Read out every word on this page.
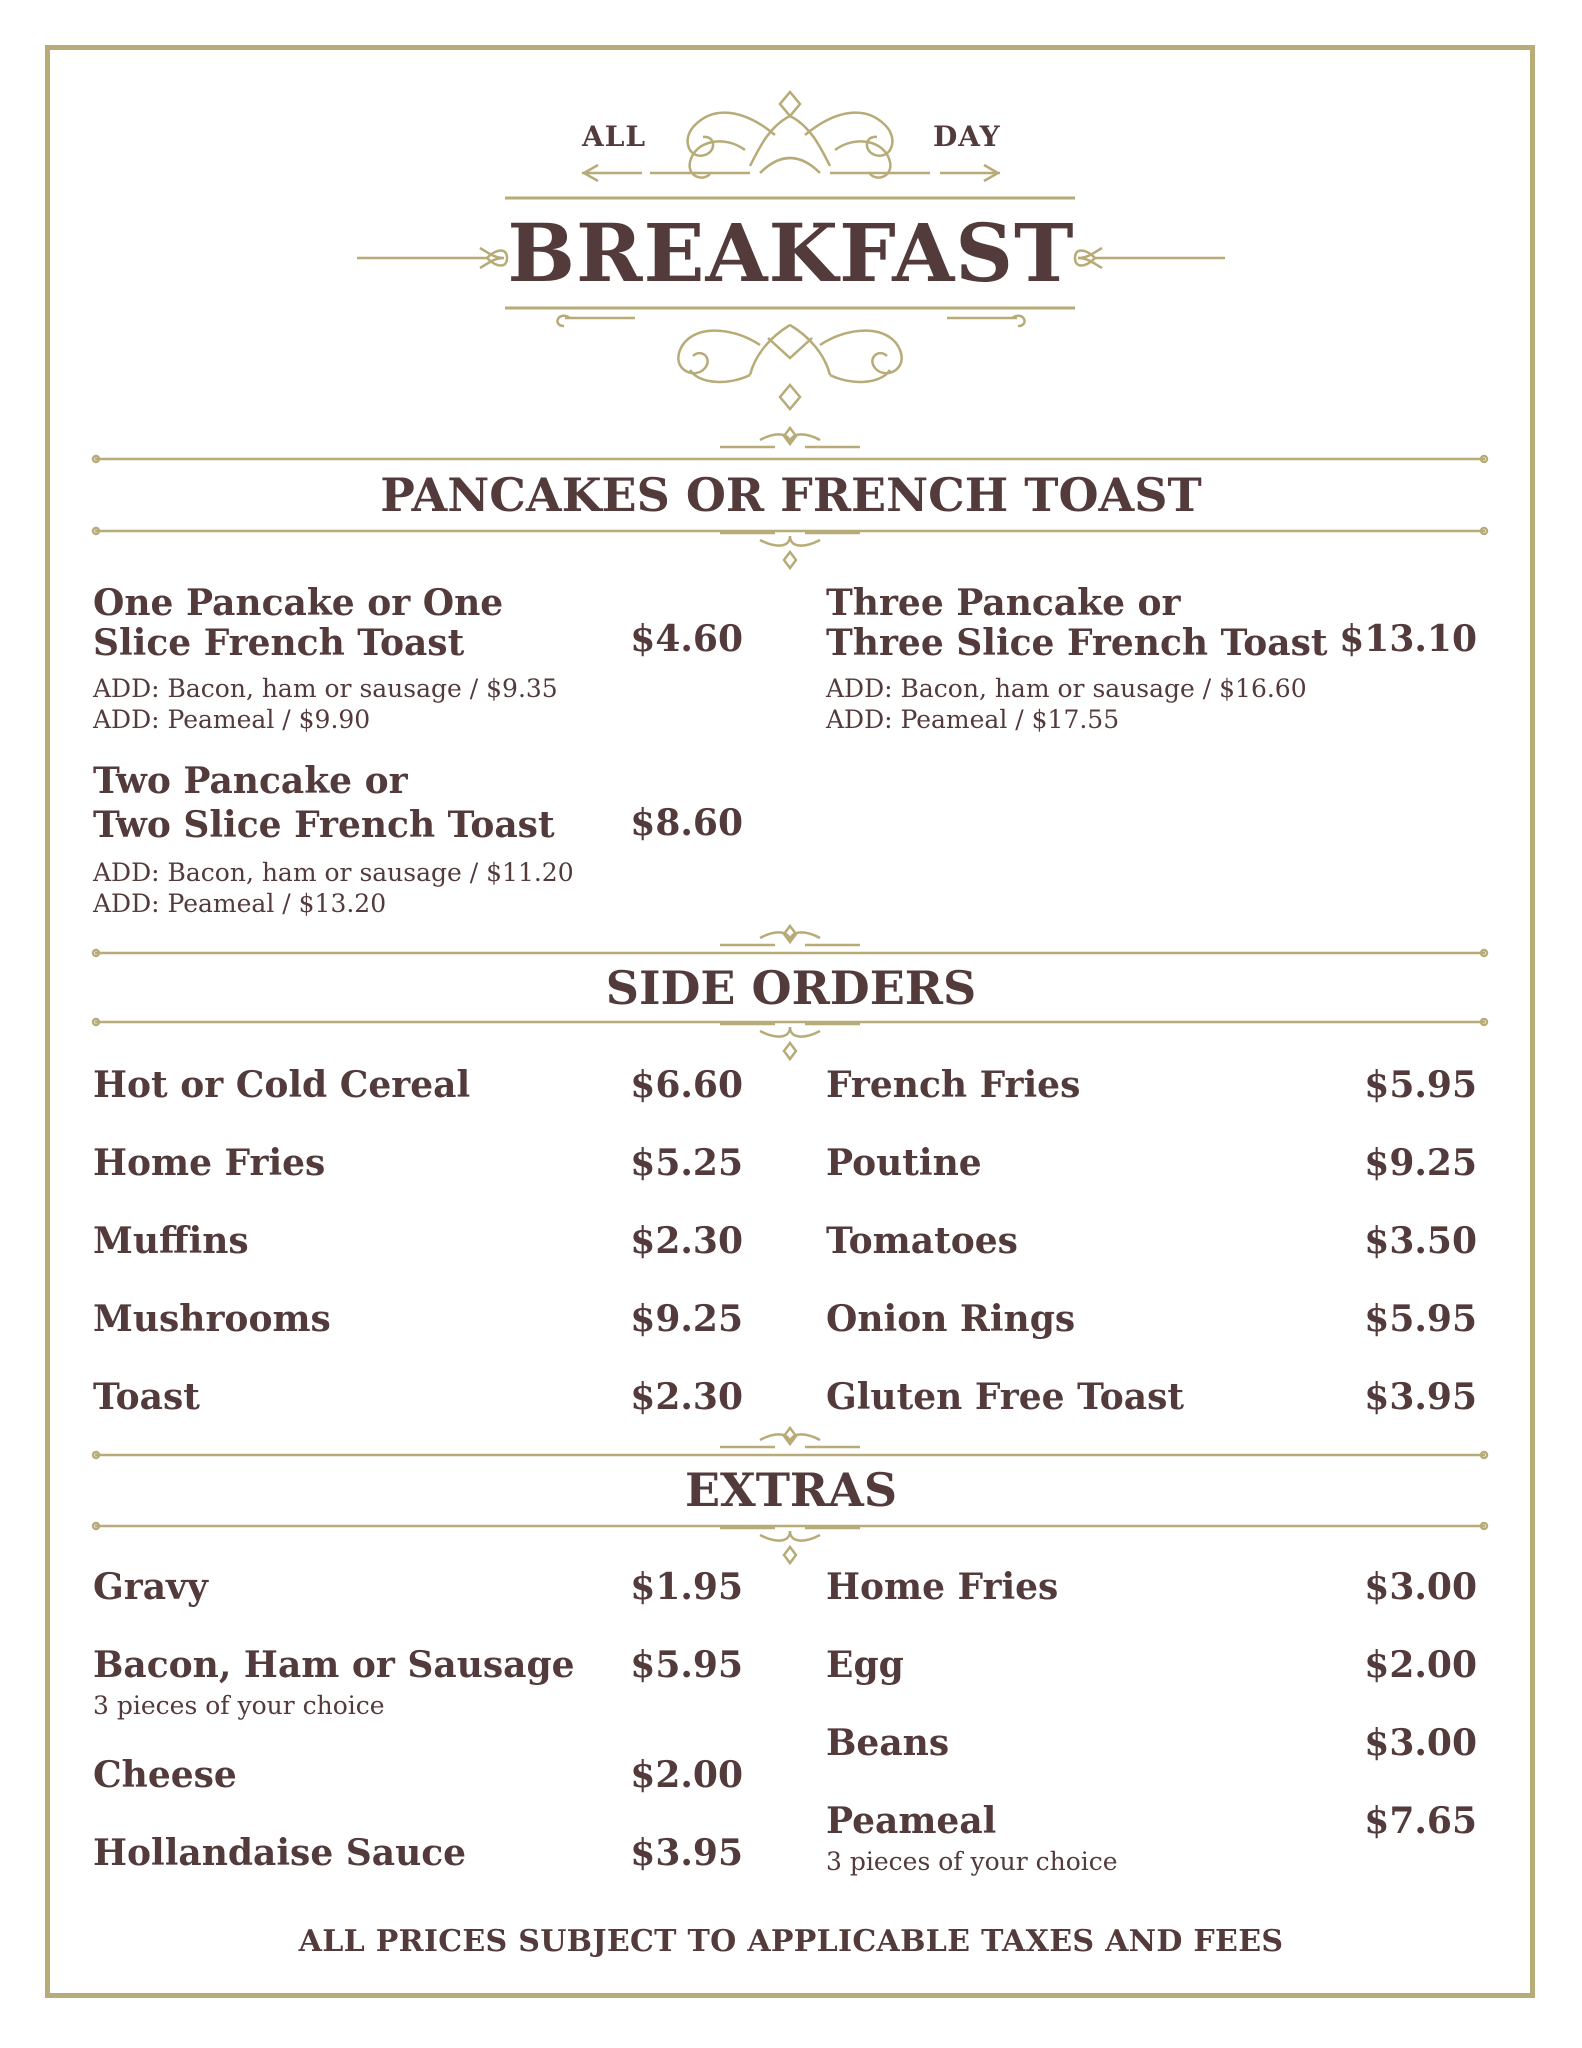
ALL	DAY
BREAKFAST
PANCAKES OR FRENCH TOAST
One Pancake or One
Slice French Toast	$4.60
ADD: Bacon, ham or sausage / $9.35
ADD: Peameal / $9.90
Two Pancake or
Two Slice French Toast	$8.60
ADD: Bacon, ham or sausage / $11.20
ADD: Peameal / $13.20
Three Pancake or
Three Slice French Toast $13.10
ADD: Bacon, ham or sausage / $16.60
ADD: Peameal / $17.55
SIDE ORDERS
Hot or Cold Cereal	$6.60
Home Fries	$5.25
Muffins	$2.30
Mushrooms	$9.25
Toast	$2.30
French Fries	$5.95
Poutine	$9.25
Tomatoes	$3.50
Onion Rings	$5.95
Gluten Free Toast	$3.95
EXTRAS
Gravy	$1.95
Bacon, Ham or Sausage	$5.95
3 pieces of your choice
Cheese	$2.00
Hollandaise Sauce	$3.95
Home Fries	$3.00
Egg	$2.00
Beans	$3.00
Peameal	$7.65
3 pieces of your choice
ALL PRICES SUBJECT TO APPLICABLE TAXES AND FEES
